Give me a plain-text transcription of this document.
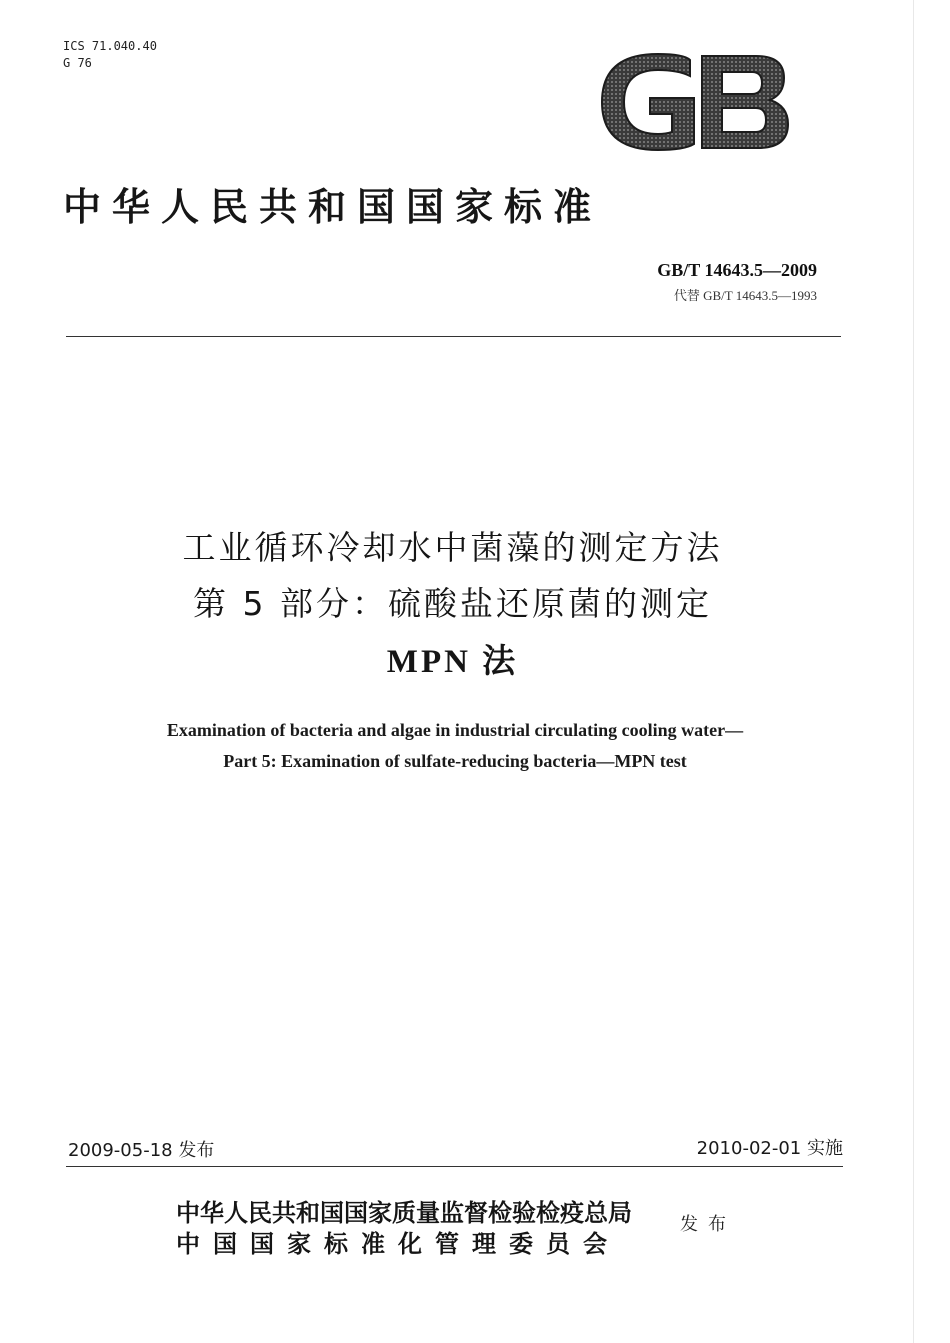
ICS 71.040.40
G 76
中华人民共和国国家标准
GB/T 14643.5—2009
代替 GB/T 14643.5—1993
工业循环冷却水中菌藻的测定方法
第 5 部分：硫酸盐还原菌的测定
MPN 法
Examination of bacteria and algae in industrial circulating cooling water—
Part 5: Examination of sulfate-reducing bacteria—MPN test
2009-05-18 发布	2010-02-01 实施
中华人民共和国国家质量监督检验检疫总局
中国国家标准化管理委员会
发布
